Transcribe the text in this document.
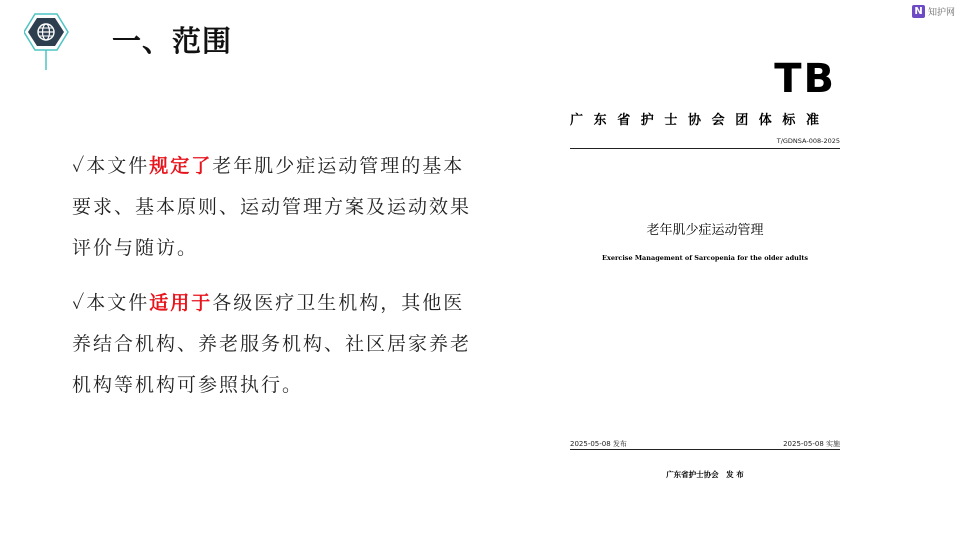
一、范围
N 知护网
✓本文件规定了老年肌少症运动管理的基本要求、基本原则、运动管理方案及运动效果评价与随访。
✓本文件适用于各级医疗卫生机构，其他医养结合机构、养老服务机构、社区居家养老机构等机构可参照执行。
TB
广东省护士协会团体标准
T/GDNSA-008-2025
老年肌少症运动管理
Exercise Management of Sarcopenia for the older adults
2025-05-08 发布	2025-05-08 实施
广东省护士协会　发 布
